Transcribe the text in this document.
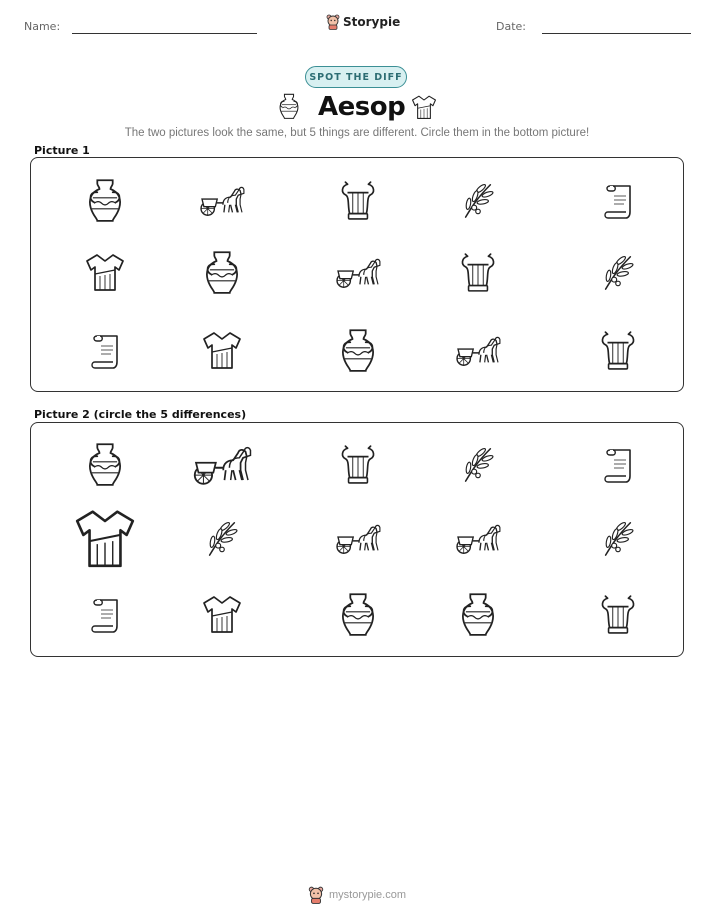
Name:	Storypie	Date:
SPOT THE DIFF
Aesop
The two pictures look the same, but 5 things are different. Circle them in the bottom picture!
Picture 1
Picture 2 (circle the 5 differences)
mystorypie.com
